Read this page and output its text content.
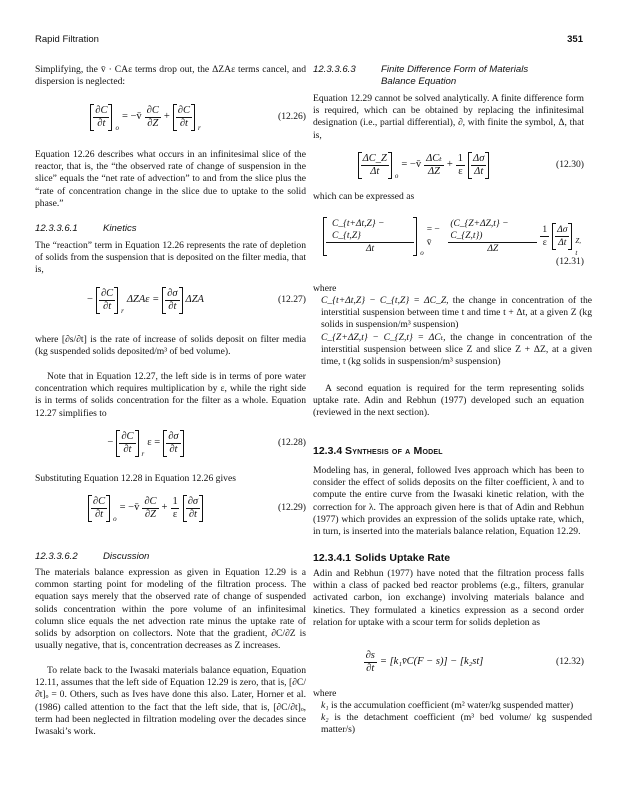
Rapid Filtration	351

Simplifying, the v̄ · CAε terms drop out, the ΔZAε terms cancel, and dispersion is neglected:

$\frac{\partial C}{\partial t}$ o
= −v̄ $\frac{\partial C}{\partial Z} + \frac{\partial C}{\partial t}$ r
(12.26)

Equation 12.26 describes what occurs in an infinitesimal slice of the reactor, that is, the “the observed rate of change of suspension in the slice” equals the “net rate of advection” to and from the slice plus the “rate of concentration change in the slice due to uptake to the solid phase.”

12.3.3.6.1	Kinetics

The “reaction” term in Equation 12.26 represents the rate of depletion of solids from the suspension that is deposited on the filter media, that is,

− $\frac{\partial C}{\partial t}$ r
$\Delta ZA\varepsilon = \frac{\partial\sigma}{\partial t}$ ΔZA	(12.27)

where [∂s/∂t] is the rate of increase of solids deposit on filter media (kg suspended solids deposited/m³ of bed volume).

Note that in Equation 12.27, the left side is in terms of pore water concentration which requires multiplication by ε, while the right side is in terms of solids concentration for the filter as a whole. Equation 12.27 simplifies to

− $\frac{\partial C}{\partial t}$ r
$\varepsilon = \frac{\partial\sigma}{\partial t}$	(12.28)

Substituting Equation 12.28 in Equation 12.26 gives

$\frac{\partial C}{\partial t}$ o
= −v̄ $\frac{\partial C}{\partial Z} + \frac{1}{\varepsilon} \frac{\partial\sigma}{\partial t}$	(12.29)
12.3.3.6.2	Discussion

The materials balance expression as given in Equation 12.29 is a common starting point for modeling of the filtration process. The equation says merely that the observed rate of change of suspended solids concentration within the pore volume of an infinitesimal column slice equals the net advection rate minus the uptake rate of solids by adsorption on collectors. Note that the gradient, ∂C/∂Z is usually negative, that is, concentration decreases as Z increases.

To relate back to the Iwasaki materials balance equation, Equation 12.11, assumes that the left side of Equation 12.29 is zero, that is, [∂C/∂t]ₒ = 0. Others, such as Ives have done this also. Later, Horner et al. (1986) called attention to the fact that the left side, that is, [∂C/∂t]ₒ, term had been neglected in filtration modeling over the decades since Iwasaki’s work.

12.3.3.6.3	Finite Difference Form of Materials
Balance Equation

Equation 12.29 cannot be solved analytically. A finite difference form is required, which can be obtained by replacing the infinitesimal designation (i.e., partial differential), ∂, with finite the symbol, Δ, that is,

$\frac{\Delta C\_Z}{\Delta t}$ o
= −v̄ $\frac{\text{ΔCₜ}}{\Delta Z} + \frac{1}{\varepsilon} \frac{\Delta\sigma}{\Delta t}$	(12.30)

which can be expressed as

$\frac{C\_\{t+\Delta t,Z\} - C\_\{t,Z\}}{\Delta t}$ o
= − v̄	$\frac{(C\_\{Z+\Delta Z,t\} - C\_\{Z,t\})}{\Delta Z} \frac{1}{\varepsilon} \frac{\Delta\sigma}{\Delta t} Z$, t
(12.31)

where

C_{t+Δt,Z} − C_{t,Z} = ΔC_Z, the change in concentration of the interstitial suspension between time t and time t + Δt, at a given Z (kg solids in suspension/m³ suspension)

C_{Z+ΔZ,t} − C_{Z,t} = ΔCₜ, the change in concentration of the interstitial suspension between slice Z and slice Z + ΔZ, at a given time, t (kg solids in suspension/m³ suspension)

A second equation is required for the term representing solids uptake rate. Adin and Rebhun (1977) developed such an equation (reviewed in the next section).

12.3.4 Synthesis of a Model

Modeling has, in general, followed Ives approach which has been to consider the effect of solids deposits on the filter coefficient, λ and to compute the entire curve from the Iwasaki kinetic relation, with the correction for λ. The approach given here is that of Adin and Rebhun (1977) which provides an expression of the solids uptake rate, which, in turn, is inserted into the materials balance relation, Equation 12.29.

12.3.4.1 Solids Uptake Rate

Adin and Rebhun (1977) have noted that the filtration process falls within a class of packed bed reactor problems (e.g., filters, granular activated carbon, ion exchange) involving materials balance and kinetics. They formulated a kinetics expression as a second order relation for uptake with a scour term for solids depletion as

$\frac{\partial s}{\partial t}$ = [k₁v̄C(F − s)] − [k₂st]	(12.32)

where

k₁ is the accumulation coefficient (m² water/kg suspended matter)

k₂ is the detachment coefficient (m³ bed volume/ kg suspended matter/s)
